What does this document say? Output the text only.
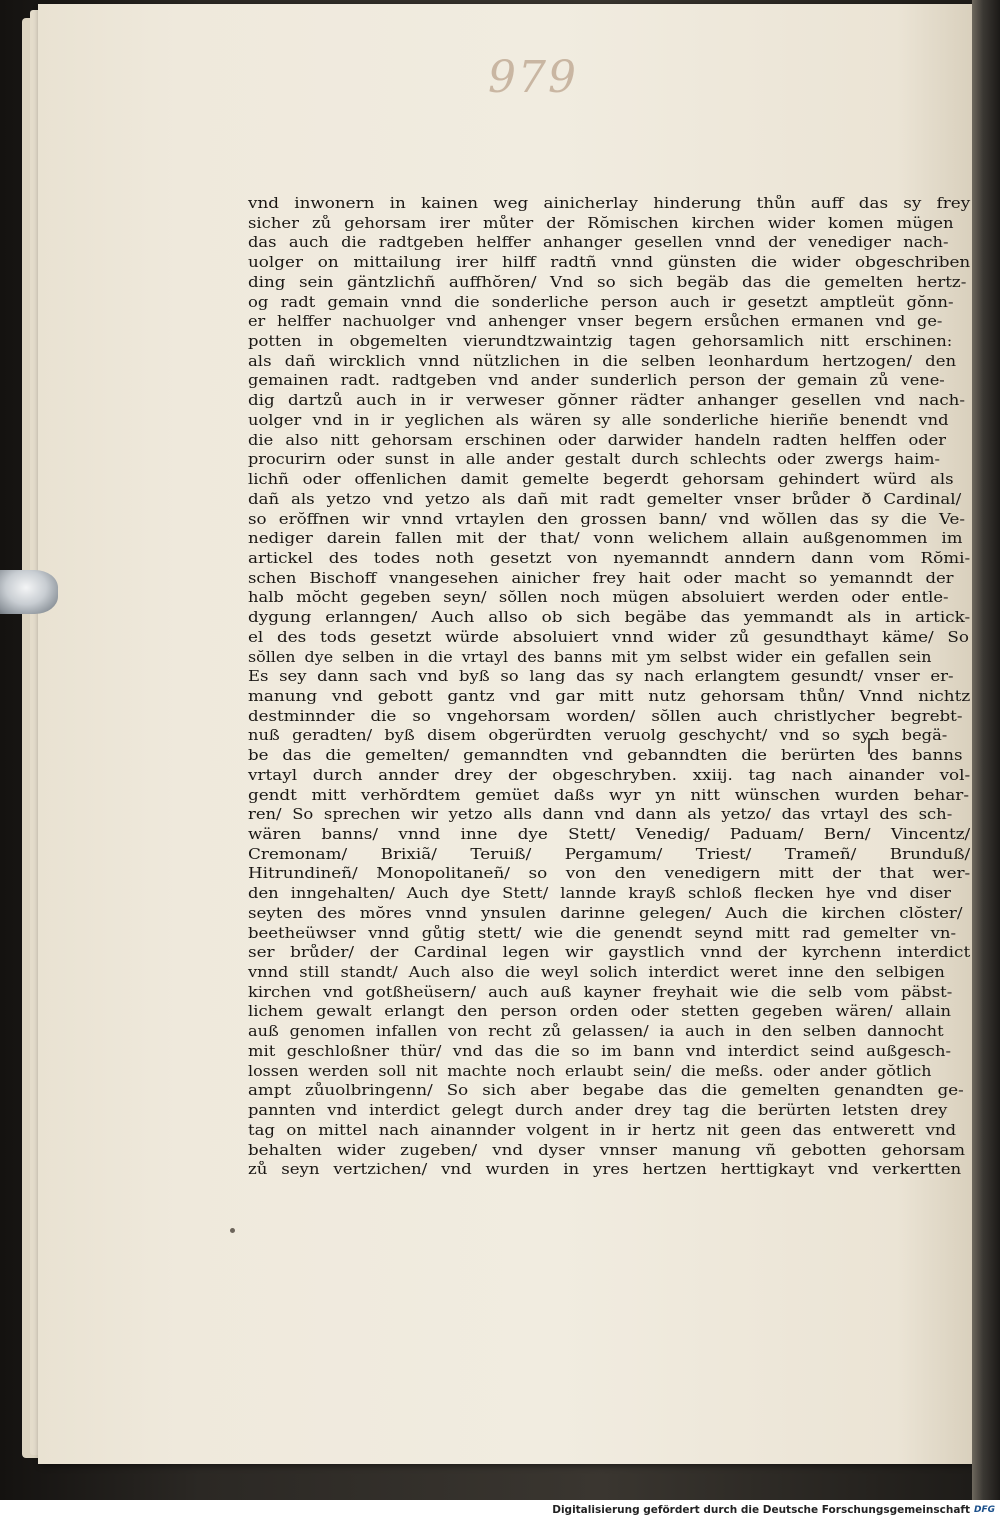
979
vnd inwonern in kainen weg ainicherlay hinderung thůn auff das sy frey
sicher zů gehorsam irer můter der Rŏmischen kirchen wider komen mügen
das auch die radtgeben helffer anhanger gesellen vnnd der venediger nach-
uolger on mittailung irer hilff radtñ vnnd günsten die wider obgeschriben
ding sein gäntzlichñ auffhŏren/ Vnd so sich begäb das die gemelten hertz-
og radt gemain vnnd die sonderliche person auch ir gesetzt amptleüt gŏnn-
er helffer nachuolger vnd anhenger vnser begern ersůchen ermanen vnd ge-
potten in obgemelten vierundtzwaintzig tagen gehorsamlich nitt erschinen:
als dañ wircklich vnnd nützlichen in die selben leonhardum hertzogen/ den
gemainen radt. radtgeben vnd ander sunderlich person der gemain zů vene-
dig dartzů auch in ir verweser gŏnner rädter anhanger gesellen vnd nach-
uolger vnd in ir yeglichen als wären sy alle sonderliche hieriñe benendt vnd
die also nitt gehorsam erschinen oder darwider handeln radten helffen oder
procurirn oder sunst in alle ander gestalt durch schlechts oder zwergs haim-
lichñ oder offenlichen damit gemelte begerdt gehorsam gehindert würd als
dañ als yetzo vnd yetzo als dañ mit radt gemelter vnser brůder ð Cardinal/
so erŏffnen wir vnnd vrtaylen den grossen bann/ vnd wŏllen das sy die Ve-
nediger darein fallen mit der that/ vonn welichem allain außgenommen im
artickel des todes noth gesetzt von nyemanndt anndern dann vom Rŏmi-
schen Bischoff vnangesehen ainicher frey hait oder macht so yemanndt der
halb mŏcht gegeben seyn/ sŏllen noch mügen absoluiert werden oder entle-
dygung erlanngen/ Auch allso ob sich begäbe das yemmandt als in artick-
el des tods gesetzt würde absoluiert vnnd wider zů gesundthayt käme/ So
sŏllen dye selben in die vrtayl des banns mit ym selbst wider ein gefallen sein
Es sey dann sach vnd byß so lang das sy nach erlangtem gesundt/ vnser er-
manung vnd gebott gantz vnd gar mitt nutz gehorsam thůn/ Vnnd nichtz
destminnder die so vngehorsam worden/ sŏllen auch christlycher begrebt-
nuß geradten/ byß disem obgerürdten veruolg geschycht/ vnd so sych begä-
be das die gemelten/ gemanndten vnd gebanndten die berürten des banns
vrtayl durch annder drey der obgeschryben. xxiij. tag nach ainander vol-
gendt mitt verhŏrdtem gemüet daßs wyr yn nitt wünschen wurden behar-
ren/ So sprechen wir yetzo alls dann vnd dann als yetzo/ das vrtayl des sch-
wären banns/ vnnd inne dye Stett/ Venedig/ Paduam/ Bern/ Vincentz/
Cremonam/ Brixiã/ Teruiß/ Pergamum/ Triest/ Trameñ/ Brunduß/
Hitrundineñ/ Monopolitaneñ/ so von den venedigern mitt der that wer-
den inngehalten/ Auch dye Stett/ lannde krayß schloß flecken hye vnd diser
seyten des mŏres vnnd ynsulen darinne gelegen/ Auch die kirchen clŏster/
beetheüwser vnnd gůtig stett/ wie die genendt seynd mitt rad gemelter vn-
ser brůder/ der Cardinal legen wir gaystlich vnnd der kyrchenn interdict
vnnd still standt/ Auch also die weyl solich interdict weret inne den selbigen
kirchen vnd gotßheüsern/ auch auß kayner freyhait wie die selb vom päbst-
lichem gewalt erlangt den person orden oder stetten gegeben wären/ allain
auß genomen infallen von recht zů gelassen/ ia auch in den selben dannocht
mit geschloßner thür/ vnd das die so im bann vnd interdict seind außgesch-
lossen werden soll nit machte noch erlaubt sein/ die meßs. oder ander gŏtlich
ampt zůuolbringenn/ So sich aber begabe das die gemelten genandten ge-
pannten vnd interdict gelegt durch ander drey tag die berürten letsten drey
tag on mittel nach ainannder volgent in ir hertz nit geen das entwerett vnd
behalten wider zugeben/ vnd dyser vnnser manung vñ gebotten gehorsam
zů seyn vertzichen/ vnd wurden in yres hertzen herttigkayt vnd verkertten
Digitalisierung gefördert durch die Deutsche Forschungsgemeinschaft DFG
